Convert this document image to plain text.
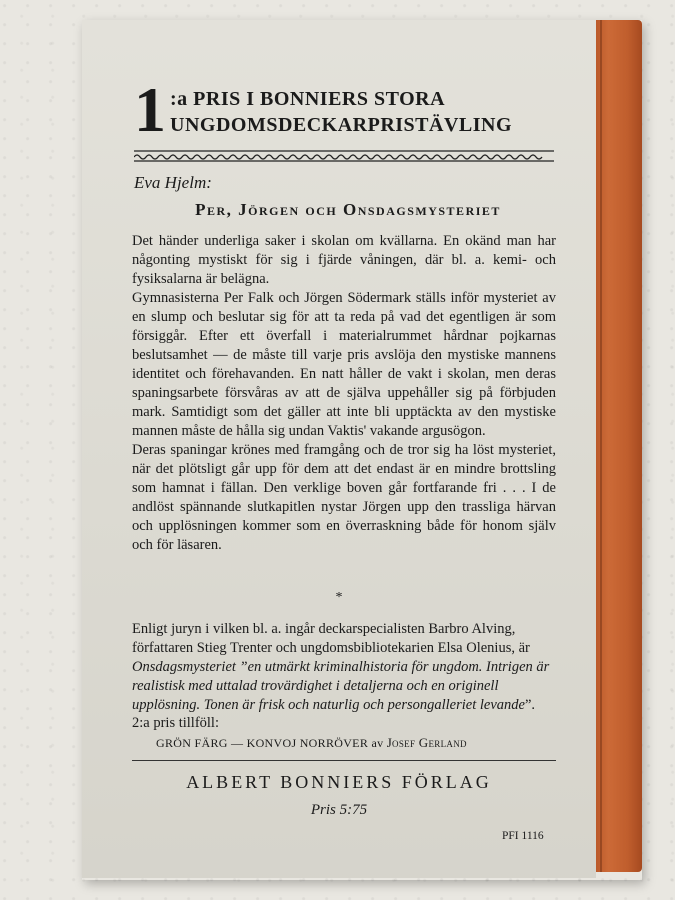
1 :a PRIS I BONNIERS STORA
UNGDOMSDECKARPRISTÄVLING
Eva Hjelm:
Per, Jörgen och Onsdagsmysteriet

Det händer underliga saker i skolan om kvällarna. En okänd man har någonting mystiskt för sig i fjärde våningen, där bl. a. kemi- och fysiksalarna är belägna.

Gymnasisterna Per Falk och Jörgen Södermark ställs inför mysteriet av en slump och beslutar sig för att ta reda på vad det egentligen är som försiggår. Efter ett överfall i materialrummet hårdnar pojkarnas beslutsamhet — de måste till varje pris avslöja den mystiske mannens identitet och förehavanden. En natt håller de vakt i skolan, men deras spaningsarbete försvåras av att de själva uppehåller sig på förbjuden mark. Samtidigt som det gäller att inte bli upptäckta av den mystiske mannen måste de hålla sig undan Vaktis' vakande argusögon.

Deras spaningar krönes med framgång och de tror sig ha löst mysteriet, när det plötsligt går upp för dem att det endast är en mindre brottsling som hamnat i fällan. Den verklige boven går fortfarande fri . . . I de andlöst spännande slutkapitlen nystar Jörgen upp den trassliga härvan och upplösningen kommer som en överraskning både för honom själv och för läsaren.

*
Enligt juryn i vilken bl. a. ingår deckarspecialisten Barbro Alving, författaren Stieg Trenter och ungdomsbibliotekarien Elsa Olenius, är Onsdagsmysteriet ”en utmärkt kriminalhistoria för ungdom. Intrigen är realistisk med uttalad trovärdighet i detaljerna och en originell upplösning. Tonen är frisk och naturlig och persongalleriet levande”.
2:a pris tillföll:
GRÖN FÄRG — KONVOJ NORRÖVER av Josef Gerland
ALBERT BONNIERS FÖRLAG
Pris 5:75
PFI 1116
